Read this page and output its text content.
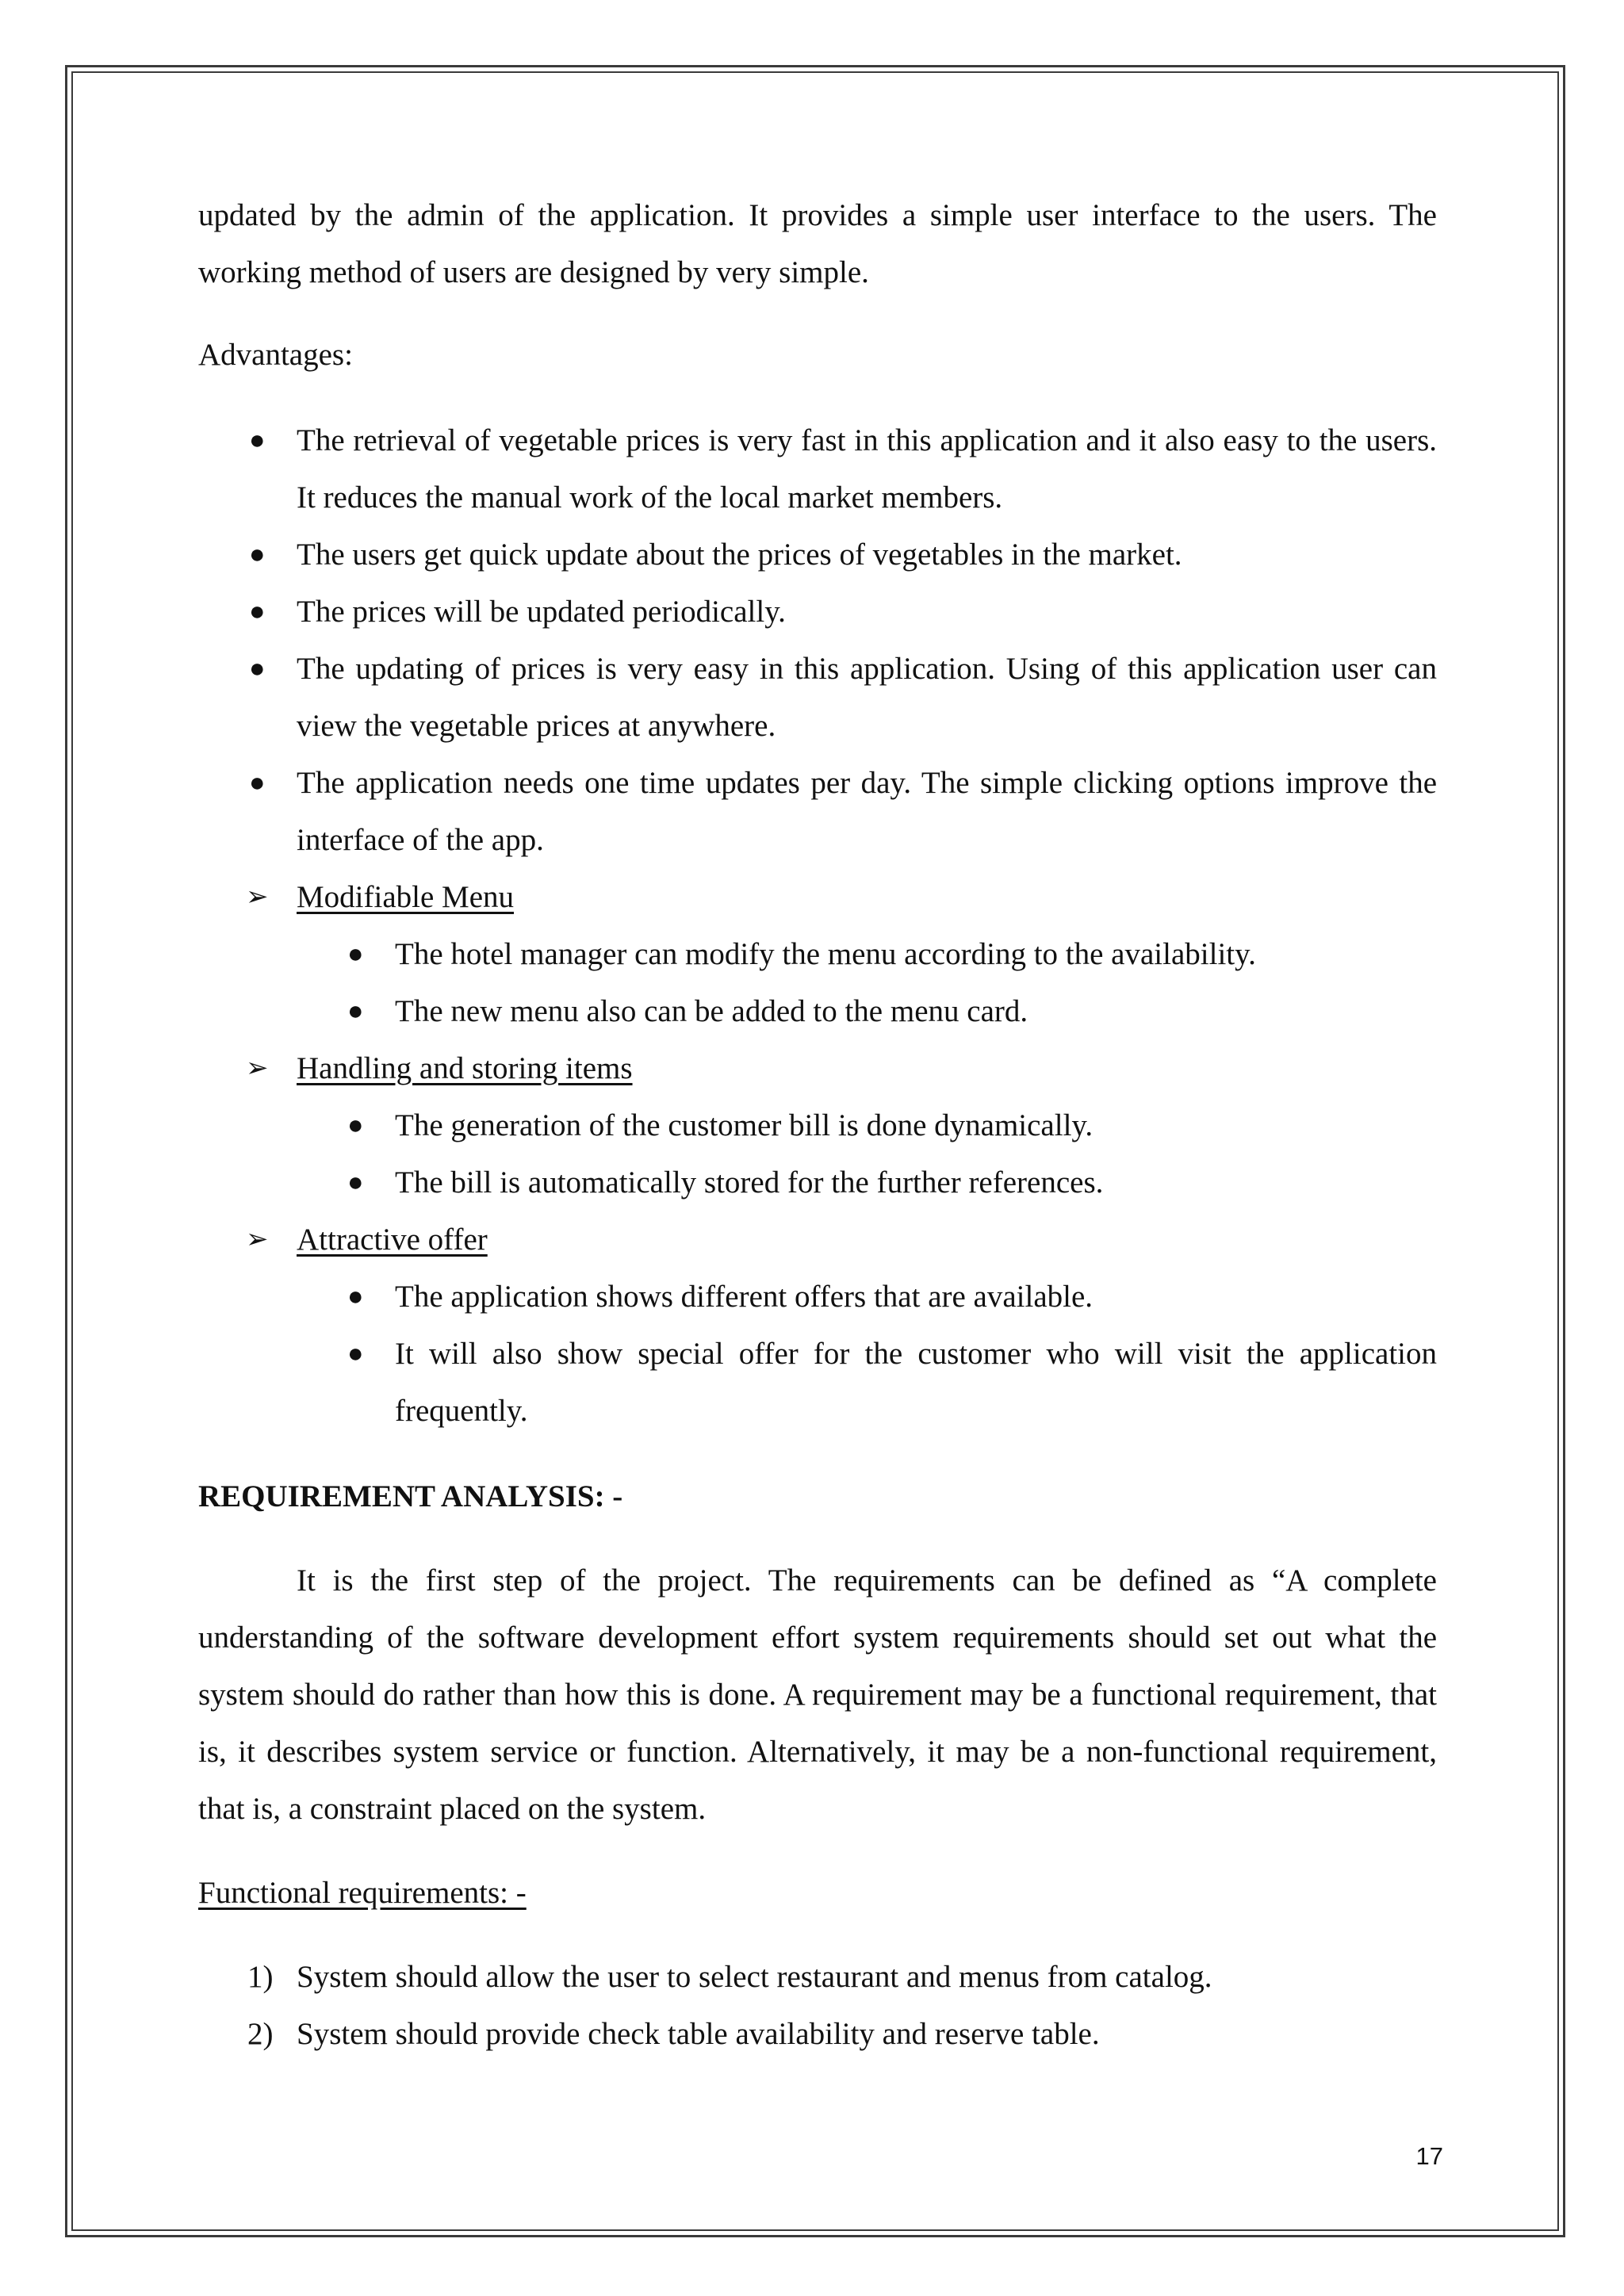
updated by the admin of the application. It provides a simple user interface to the users. The working method of users are designed by very simple.

Advantages:

●	The retrieval of vegetable prices is very fast in this application and it also easy to the users. It reduces the manual work of the local market members.
●	The users get quick update about the prices of vegetables in the market.
●	The prices will be updated periodically.
●	The updating of prices is very easy in this application. Using of this application user can view the vegetable prices at anywhere.
●	The application needs one time updates per day. The simple clicking options improve the interface of the app.
➢ Modifiable Menu
● The hotel manager can modify the menu according to the availability.
● The new menu also can be added to the menu card.
➢ Handling and storing items
● The generation of the customer bill is done dynamically.
● The bill is automatically stored for the further references.
➢ Attractive offer
● The application shows different offers that are available.
● It will also show special offer for the customer who will visit the application frequently.

REQUIREMENT ANALYSIS: -

It is the first step of the project. The requirements can be defined as “A complete understanding of the software development effort system requirements should set out what the system should do rather than how this is done. A requirement may be a functional requirement, that is, it describes system service or function. Alternatively, it may be a non-functional requirement, that is, a constraint placed on the system.

Functional requirements: -

1) System should allow the user to select restaurant and menus from catalog.
2) System should provide check table availability and reserve table.
17
